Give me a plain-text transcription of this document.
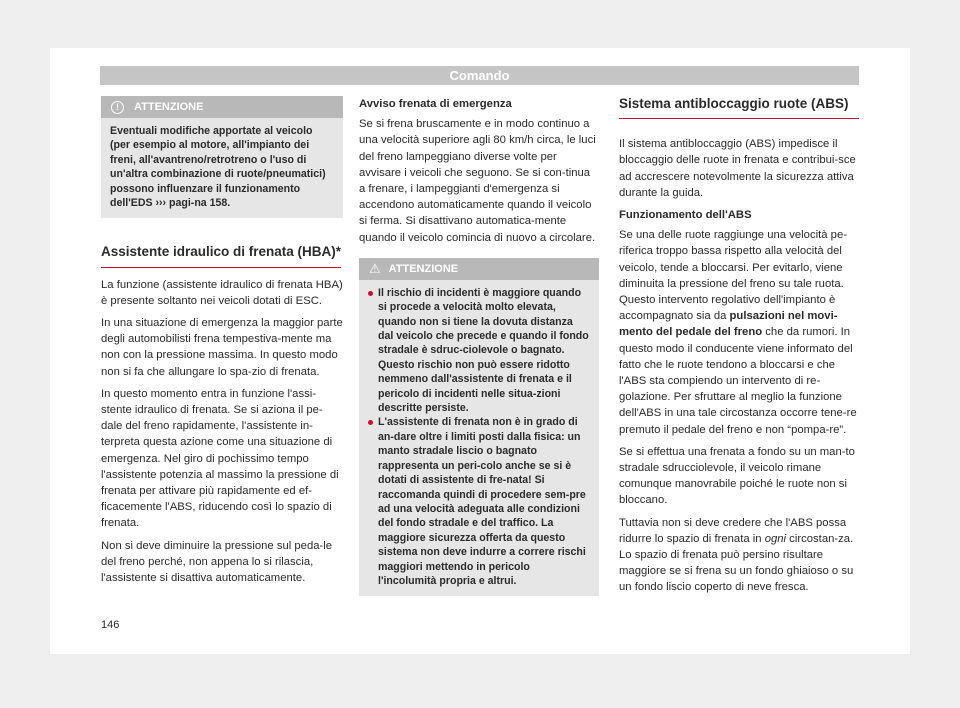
Comando
!	ATTENZIONE
Eventuali modifiche apportate al veicolo (per esempio al motore, all'impianto dei freni, all'avantreno/retrotreno o l'uso di un'altra combinazione di ruote/pneumatici) possono influenzare il funzionamento dell'EDS ››› pagi-na 158.
Assistente idraulico di frenata (HBA)*

La funzione (assistente idraulico di frenata HBA) è presente soltanto nei veicoli dotati di ESC.

In una situazione di emergenza la maggior parte degli automobilisti frena tempestiva-mente ma non con la pressione massima. In questo modo non si fa che allungare lo spa-zio di frenata.

In questo momento entra in funzione l'assi-stente idraulico di frenata. Se si aziona il pe-dale del freno rapidamente, l'assistente in-terpreta questa azione come una situazione di emergenza. Nel giro di pochissimo tempo l'assistente potenzia al massimo la pressione di frenata per attivare più rapidamente ed ef-ficacemente l'ABS, riducendo così lo spazio di frenata.

Non si deve diminuire la pressione sul peda-le del freno perché, non appena lo si rilascia, l'assistente si disattiva automaticamente.

Avviso frenata di emergenza

Se si frena bruscamente e in modo continuo a una velocità superiore agli 80 km/h circa, le luci del freno lampeggiano diverse volte per avvisare i veicoli che seguono. Se si con-tinua a frenare, i lampeggianti d'emergenza si accendono automaticamente quando il veicolo si ferma. Si disattivano automatica-mente quando il veicolo comincia di nuovo a circolare.

⚠ ATTENZIONE
Il rischio di incidenti è maggiore quando si procede a velocità molto elevata, quando non si tiene la dovuta distanza dal veicolo che precede e quando il fondo stradale è sdruc-ciolevole o bagnato. Questo rischio non può essere ridotto nemmeno dall'assistente di frenata e il pericolo di incidenti nelle situa-zioni descritte persiste.
L'assistente di frenata non è in grado di an-dare oltre i limiti posti dalla fisica: un manto stradale liscio o bagnato rappresenta un peri-colo anche se si è dotati di assistente di fre-nata! Si raccomanda quindi di procedere sem-pre ad una velocità adeguata alle condizioni del fondo stradale e del traffico. La maggiore sicurezza offerta da questo sistema non deve indurre a correre rischi maggiori mettendo in pericolo l'incolumità propria e altrui.
Sistema antibloccaggio ruote (ABS)

Il sistema antibloccaggio (ABS) impedisce il bloccaggio delle ruote in frenata e contribui-sce ad accrescere notevolmente la sicurezza attiva durante la guida.

Funzionamento dell'ABS

Se una delle ruote raggiunge una velocità pe-riferica troppo bassa rispetto alla velocità del veicolo, tende a bloccarsi. Per evitarlo, viene diminuita la pressione del freno su tale ruota. Questo intervento regolativo dell'impianto è accompagnato sia da pulsazioni nel movi-mento del pedale del freno che da rumori. In questo modo il conducente viene informato del fatto che le ruote tendono a bloccarsi e che l'ABS sta compiendo un intervento di re-golazione. Per sfruttare al meglio la funzione dell'ABS in una tale circostanza occorre tene-re premuto il pedale del freno e non “pompa-re”.

Se si effettua una frenata a fondo su un man-to stradale sdrucciolevole, il veicolo rimane comunque manovrabile poiché le ruote non si bloccano.

Tuttavia non si deve credere che l'ABS possa ridurre lo spazio di frenata in ogni circostan-za. Lo spazio di frenata può persino risultare maggiore se si frena su un fondo ghiaioso o su un fondo liscio coperto di neve fresca.

146
